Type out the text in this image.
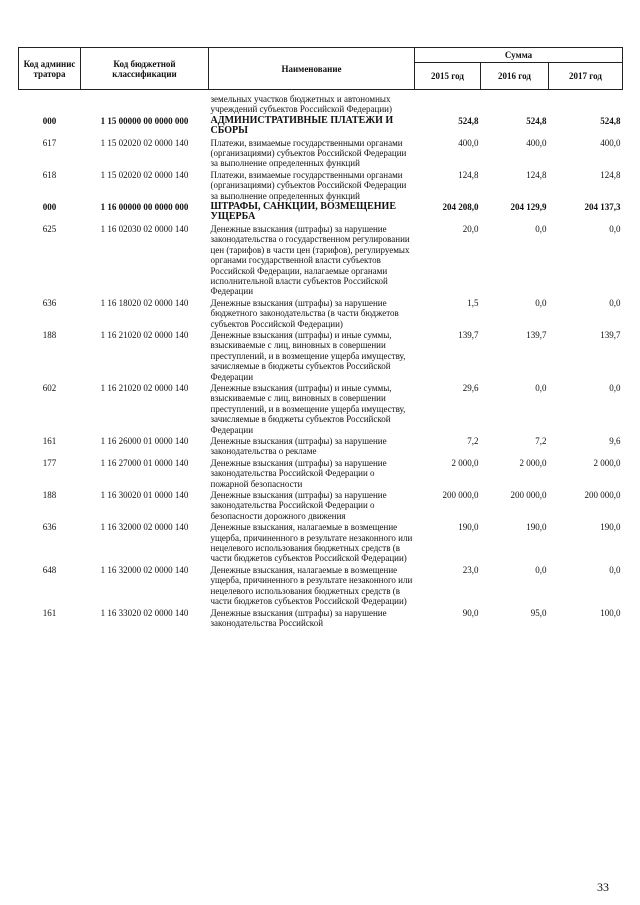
Код админис тратора	Код бюджетной классификации	Наименование	Сумма		
			2015 год	2016 год	2017 год
		земельных участков бюджетных и автономных учреждений субъектов Российской Федерации)			
000	1 15 00000 00 0000 000	АДМИНИСТРАТИВНЫЕ ПЛАТЕЖИ И СБОРЫ	524,8	524,8	524,8
617	1 15 02020 02 0000 140	Платежи, взимаемые государственными органами (организациями) субъектов Российской Федерации за выполнение определенных функций	400,0	400,0	400,0
618	1 15 02020 02 0000 140	Платежи, взимаемые государственными органами (организациями) субъектов Российской Федерации за выполнение определенных функций	124,8	124,8	124,8
000	1 16 00000 00 0000 000	ШТРАФЫ, САНКЦИИ, ВОЗМЕЩЕНИЕ УЩЕРБА	204 208,0	204 129,9	204 137,3
625	1 16 02030 02 0000 140	Денежные взыскания (штрафы) за нарушение законодательства о государственном регулировании цен (тарифов) в части цен (тарифов), регулируемых органами государственной власти субъектов Российской Федерации, налагаемые органами исполнительной власти субъектов Российской Федерации	20,0	0,0	0,0
636	1 16 18020 02 0000 140	Денежные взыскания (штрафы) за нарушение бюджетного законодательства (в части бюджетов субъектов Российской Федерации)	1,5	0,0	0,0
188	1 16 21020 02 0000 140	Денежные взыскания (штрафы) и иные суммы, взыскиваемые с лиц, виновных в совершении преступлений, и в возмещение ущерба имуществу, зачисляемые в бюджеты субъектов Российской Федерации	139,7	139,7	139,7
602	1 16 21020 02 0000 140	Денежные взыскания (штрафы) и иные суммы, взыскиваемые с лиц, виновных в совершении преступлений, и в возмещение ущерба имуществу, зачисляемые в бюджеты субъектов Российской Федерации	29,6	0,0	0,0
161	1 16 26000 01 0000 140	Денежные взыскания (штрафы) за нарушение законодательства о рекламе	7,2	7,2	9,6
177	1 16 27000 01 0000 140	Денежные взыскания (штрафы) за нарушение законодательства Российской Федерации о пожарной безопасности	2 000,0	2 000,0	2 000,0
188	1 16 30020 01 0000 140	Денежные взыскания (штрафы) за нарушение законодательства Российской Федерации о безопасности дорожного движения	200 000,0	200 000,0	200 000,0
636	1 16 32000 02 0000 140	Денежные взыскания, налагаемые в возмещение ущерба, причиненного в результате незаконного или нецелевого использования бюджетных средств (в части бюджетов субъектов Российской Федерации)	190,0	190,0	190,0
648	1 16 32000 02 0000 140	Денежные взыскания, налагаемые в возмещение ущерба, причиненного в результате незаконного или нецелевого использования бюджетных средств (в части бюджетов субъектов Российской Федерации)	23,0	0,0	0,0
161	1 16 33020 02 0000 140	Денежные взыскания (штрафы) за нарушение законодательства Российской	90,0	95,0	100,0
33
